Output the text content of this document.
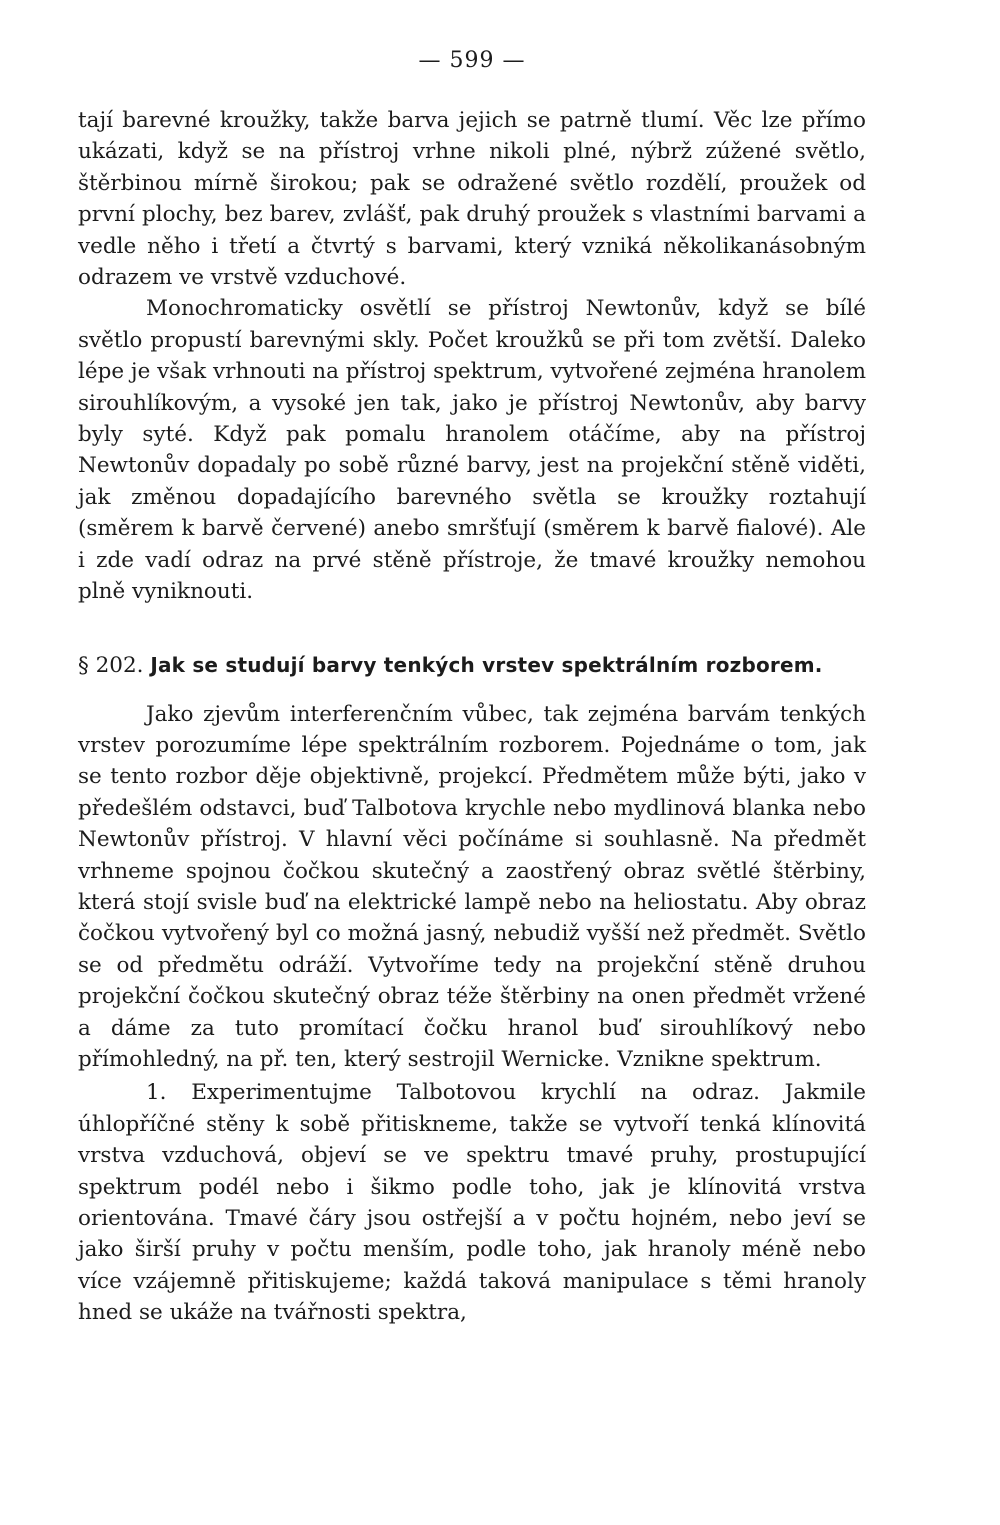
— 599 —

tají barevné kroužky, takže barva jejich se patrně tlumí. Věc lze přímo ukázati, když se na přístroj vrhne nikoli plné, nýbrž zúžené světlo, štěrbinou mírně širokou; pak se odražené světlo rozdělí, proužek od první plochy, bez barev, zvlášť, pak druhý proužek s vlastními barvami a vedle něho i třetí a čtvrtý s barvami, který vzniká několikanásobným odrazem ve vrstvě vzduchové.

Monochromaticky osvětlí se přístroj Newtonův, když se bílé světlo propustí barevnými skly. Počet kroužků se při tom zvětší. Daleko lépe je však vrhnouti na přístroj spektrum, vytvořené zejména hranolem sirouhlíkovým, a vysoké jen tak, jako je přístroj Newtonův, aby barvy byly syté. Když pak pomalu hranolem otáčíme, aby na přístroj Newtonův dopadaly po sobě různé barvy, jest na projekční stěně viděti, jak změnou dopadajícího barevného světla se kroužky roztahují (směrem k barvě červené) anebo smršťují (směrem k barvě fialové). Ale i zde vadí odraz na prvé stěně přístroje, že tmavé kroužky nemohou plně vyniknouti.

§ 202. Jak se studují barvy tenkých vrstev spektrálním rozborem.

Jako zjevům interferenčním vůbec, tak zejména barvám tenkých vrstev porozumíme lépe spektrálním rozborem. Pojednáme o tom, jak se tento rozbor děje objektivně, projekcí. Předmětem může býti, jako v předešlém odstavci, buď Talbotova krychle nebo mydlinová blanka nebo Newtonův přístroj. V hlavní věci počínáme si souhlasně. Na předmět vrhneme spojnou čočkou skutečný a zaostřený obraz světlé štěrbiny, která stojí svisle buď na elektrické lampě nebo na heliostatu. Aby obraz čočkou vytvořený byl co možná jasný, nebudiž vyšší než předmět. Světlo se od předmětu odráží. Vytvoříme tedy na projekční stěně druhou projekční čočkou skutečný obraz téže štěrbiny na onen předmět vržené a dáme za tuto promítací čočku hranol buď sirouhlíkový nebo přímohledný, na př. ten, který sestrojil Wernicke. Vznikne spektrum.

1. Experimentujme Talbotovou krychlí na odraz. Jakmile úhlopříčné stěny k sobě přitiskneme, takže se vytvoří tenká klínovitá vrstva vzduchová, objeví se ve spektru tmavé pruhy, prostupující spektrum podél nebo i šikmo podle toho, jak je klínovitá vrstva orientována. Tmavé čáry jsou ostřejší a v počtu hojném, nebo jeví se jako širší pruhy v počtu menším, podle toho, jak hranoly méně nebo více vzájemně přitiskujeme; každá taková manipulace s těmi hranoly hned se ukáže na tvářnosti spektra,
